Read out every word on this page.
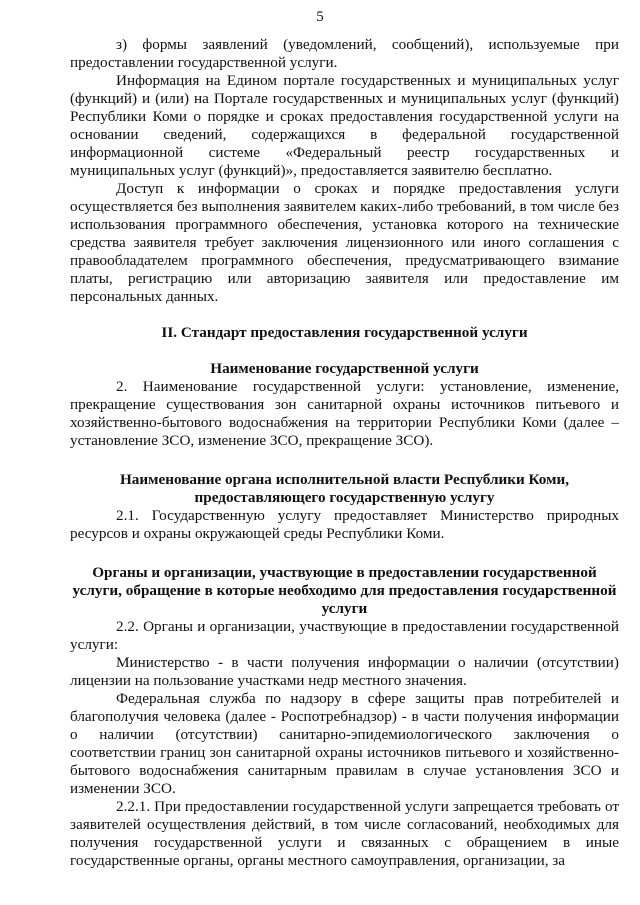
5

з) формы заявлений (уведомлений, сообщений), используемые при предоставлении государственной услуги.

Информация на Едином портале государственных и муниципальных услуг (функций) и (или) на Портале государственных и муниципальных услуг (функций) Республики Коми о порядке и сроках предоставления государственной услуги на основании сведений, содержащихся в федеральной государственной информационной системе «Федеральный реестр государственных и муниципальных услуг (функций)», предоставляется заявителю бесплатно.

Доступ к информации о сроках и порядке предоставления услуги осуществляется без выполнения заявителем каких-либо требований, в том числе без использования программного обеспечения, установка которого на технические средства заявителя требует заключения лицензионного или иного соглашения с правообладателем программного обеспечения, предусматривающего взимание платы, регистрацию или авторизацию заявителя или предоставление им персональных данных.

II. Стандарт предоставления государственной услуги
Наименование государственной услуги

2. Наименование государственной услуги: установление, изменение, прекращение существования зон санитарной охраны источников питьевого и хозяйственно-бытового водоснабжения на территории Республики Коми (далее – установление ЗСО, изменение ЗСО, прекращение ЗСО).

Наименование органа исполнительной власти Республики Коми, предоставляющего государственную услугу

2.1. Государственную услугу предоставляет Министерство природных ресурсов и охраны окружающей среды Республики Коми.

Органы и организации, участвующие в предоставлении государственной услуги, обращение в которые необходимо для предоставления государственной услуги

2.2. Органы и организации, участвующие в предоставлении государственной услуги:

Министерство - в части получения информации о наличии (отсутствии) лицензии на пользование участками недр местного значения.

Федеральная служба по надзору в сфере защиты прав потребителей и благополучия человека (далее - Роспотребнадзор) - в части получения информации о наличии (отсутствии) санитарно-эпидемиологического заключения о соответствии границ зон санитарной охраны источников питьевого и хозяйственно-бытового водоснабжения санитарным правилам в случае установления ЗСО и изменении ЗСО.

2.2.1. При предоставлении государственной услуги запрещается требовать от заявителей осуществления действий, в том числе согласований, необходимых для получения государственной услуги и связанных с обращением в иные государственные органы, органы местного самоуправления, организации, за
